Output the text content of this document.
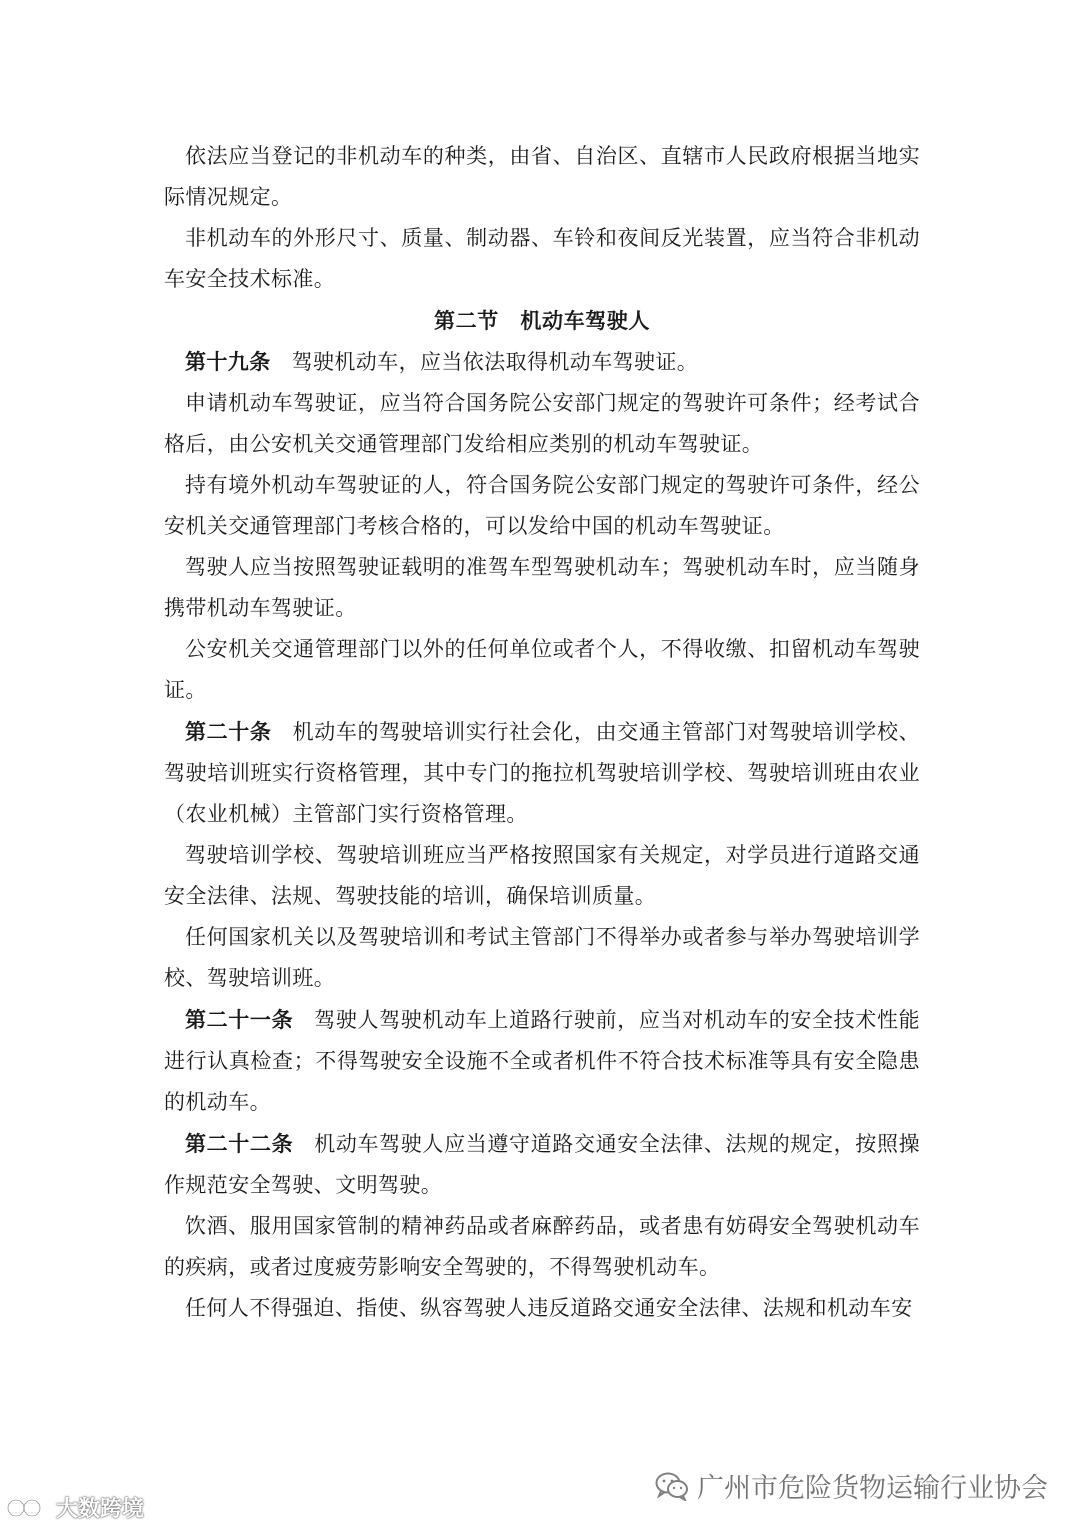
依法应当登记的非机动车的种类，由省、自治区、直辖市人民政府根据当地实际情况规定。

非机动车的外形尺寸、质量、制动器、车铃和夜间反光装置，应当符合非机动车安全技术标准。

第二节　机动车驾驶人

第十九条 驾驶机动车，应当依法取得机动车驾驶证。

申请机动车驾驶证，应当符合国务院公安部门规定的驾驶许可条件；经考试合格后，由公安机关交通管理部门发给相应类别的机动车驾驶证。

持有境外机动车驾驶证的人，符合国务院公安部门规定的驾驶许可条件，经公安机关交通管理部门考核合格的，可以发给中国的机动车驾驶证。

驾驶人应当按照驾驶证载明的准驾车型驾驶机动车；驾驶机动车时，应当随身携带机动车驾驶证。

公安机关交通管理部门以外的任何单位或者个人，不得收缴、扣留机动车驾驶证。

第二十条 机动车的驾驶培训实行社会化，由交通主管部门对驾驶培训学校、驾驶培训班实行资格管理，其中专门的拖拉机驾驶培训学校、驾驶培训班由农业（农业机械）主管部门实行资格管理。

驾驶培训学校、驾驶培训班应当严格按照国家有关规定，对学员进行道路交通安全法律、法规、驾驶技能的培训，确保培训质量。

任何国家机关以及驾驶培训和考试主管部门不得举办或者参与举办驾驶培训学校、驾驶培训班。

第二十一条 驾驶人驾驶机动车上道路行驶前，应当对机动车的安全技术性能进行认真检查；不得驾驶安全设施不全或者机件不符合技术标准等具有安全隐患的机动车。

第二十二条 机动车驾驶人应当遵守道路交通安全法律、法规的规定，按照操作规范安全驾驶、文明驾驶。

饮酒、服用国家管制的精神药品或者麻醉药品，或者患有妨碍安全驾驶机动车的疾病，或者过度疲劳影响安全驾驶的，不得驾驶机动车。

任何人不得强迫、指使、纵容驾驶人违反道路交通安全法律、法规和机动车安

广州市危险货物运输行业协会
大数跨境
